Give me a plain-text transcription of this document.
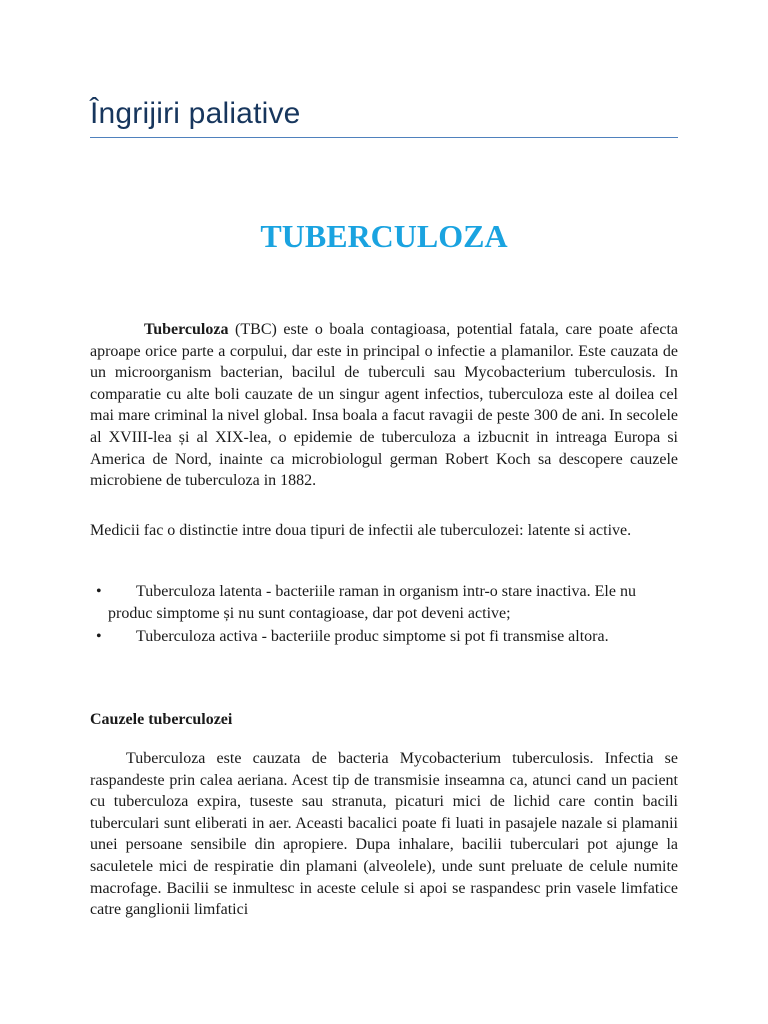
Îngrijiri paliative
TUBERCULOZA

Tuberculoza (TBC) este o boala contagioasa, potential fatala, care poate afecta aproape orice parte a corpului, dar este in principal o infectie a plamanilor. Este cauzata de un microorganism bacterian, bacilul de tuberculi sau Mycobacterium tuberculosis. In comparatie cu alte boli cauzate de un singur agent infectios, tuberculoza este al doilea cel mai mare criminal la nivel global. Insa boala a facut ravagii de peste 300 de ani. In secolele al XVIII-lea și al XIX-lea, o epidemie de tuberculoza a izbucnit in intreaga Europa si America de Nord, inainte ca microbiologul german Robert Koch sa descopere cauzele microbiene de tuberculoza in 1882.

Medicii fac o distinctie intre doua tipuri de infectii ale tuberculozei: latente si active.

• Tuberculoza latenta - bacteriile raman in organism intr-o stare inactiva. Ele nu produc simptome și nu sunt contagioase, dar pot deveni active;
• Tuberculoza activa - bacteriile produc simptome si pot fi transmise altora.
Cauzele tuberculozei

Tuberculoza este cauzata de bacteria Mycobacterium tuberculosis. Infectia se raspandeste prin calea aeriana. Acest tip de transmisie inseamna ca, atunci cand un pacient cu tuberculoza expira, tuseste sau stranuta, picaturi mici de lichid care contin bacili tuberculari sunt eliberati in aer. Aceasti bacalici poate fi luati in pasajele nazale si plamanii unei persoane sensibile din apropiere. Dupa inhalare, bacilii tuberculari pot ajunge la saculetele mici de respiratie din plamani (alveolele), unde sunt preluate de celule numite macrofage. Bacilii se inmultesc in aceste celule si apoi se raspandesc prin vasele limfatice catre ganglionii limfatici
